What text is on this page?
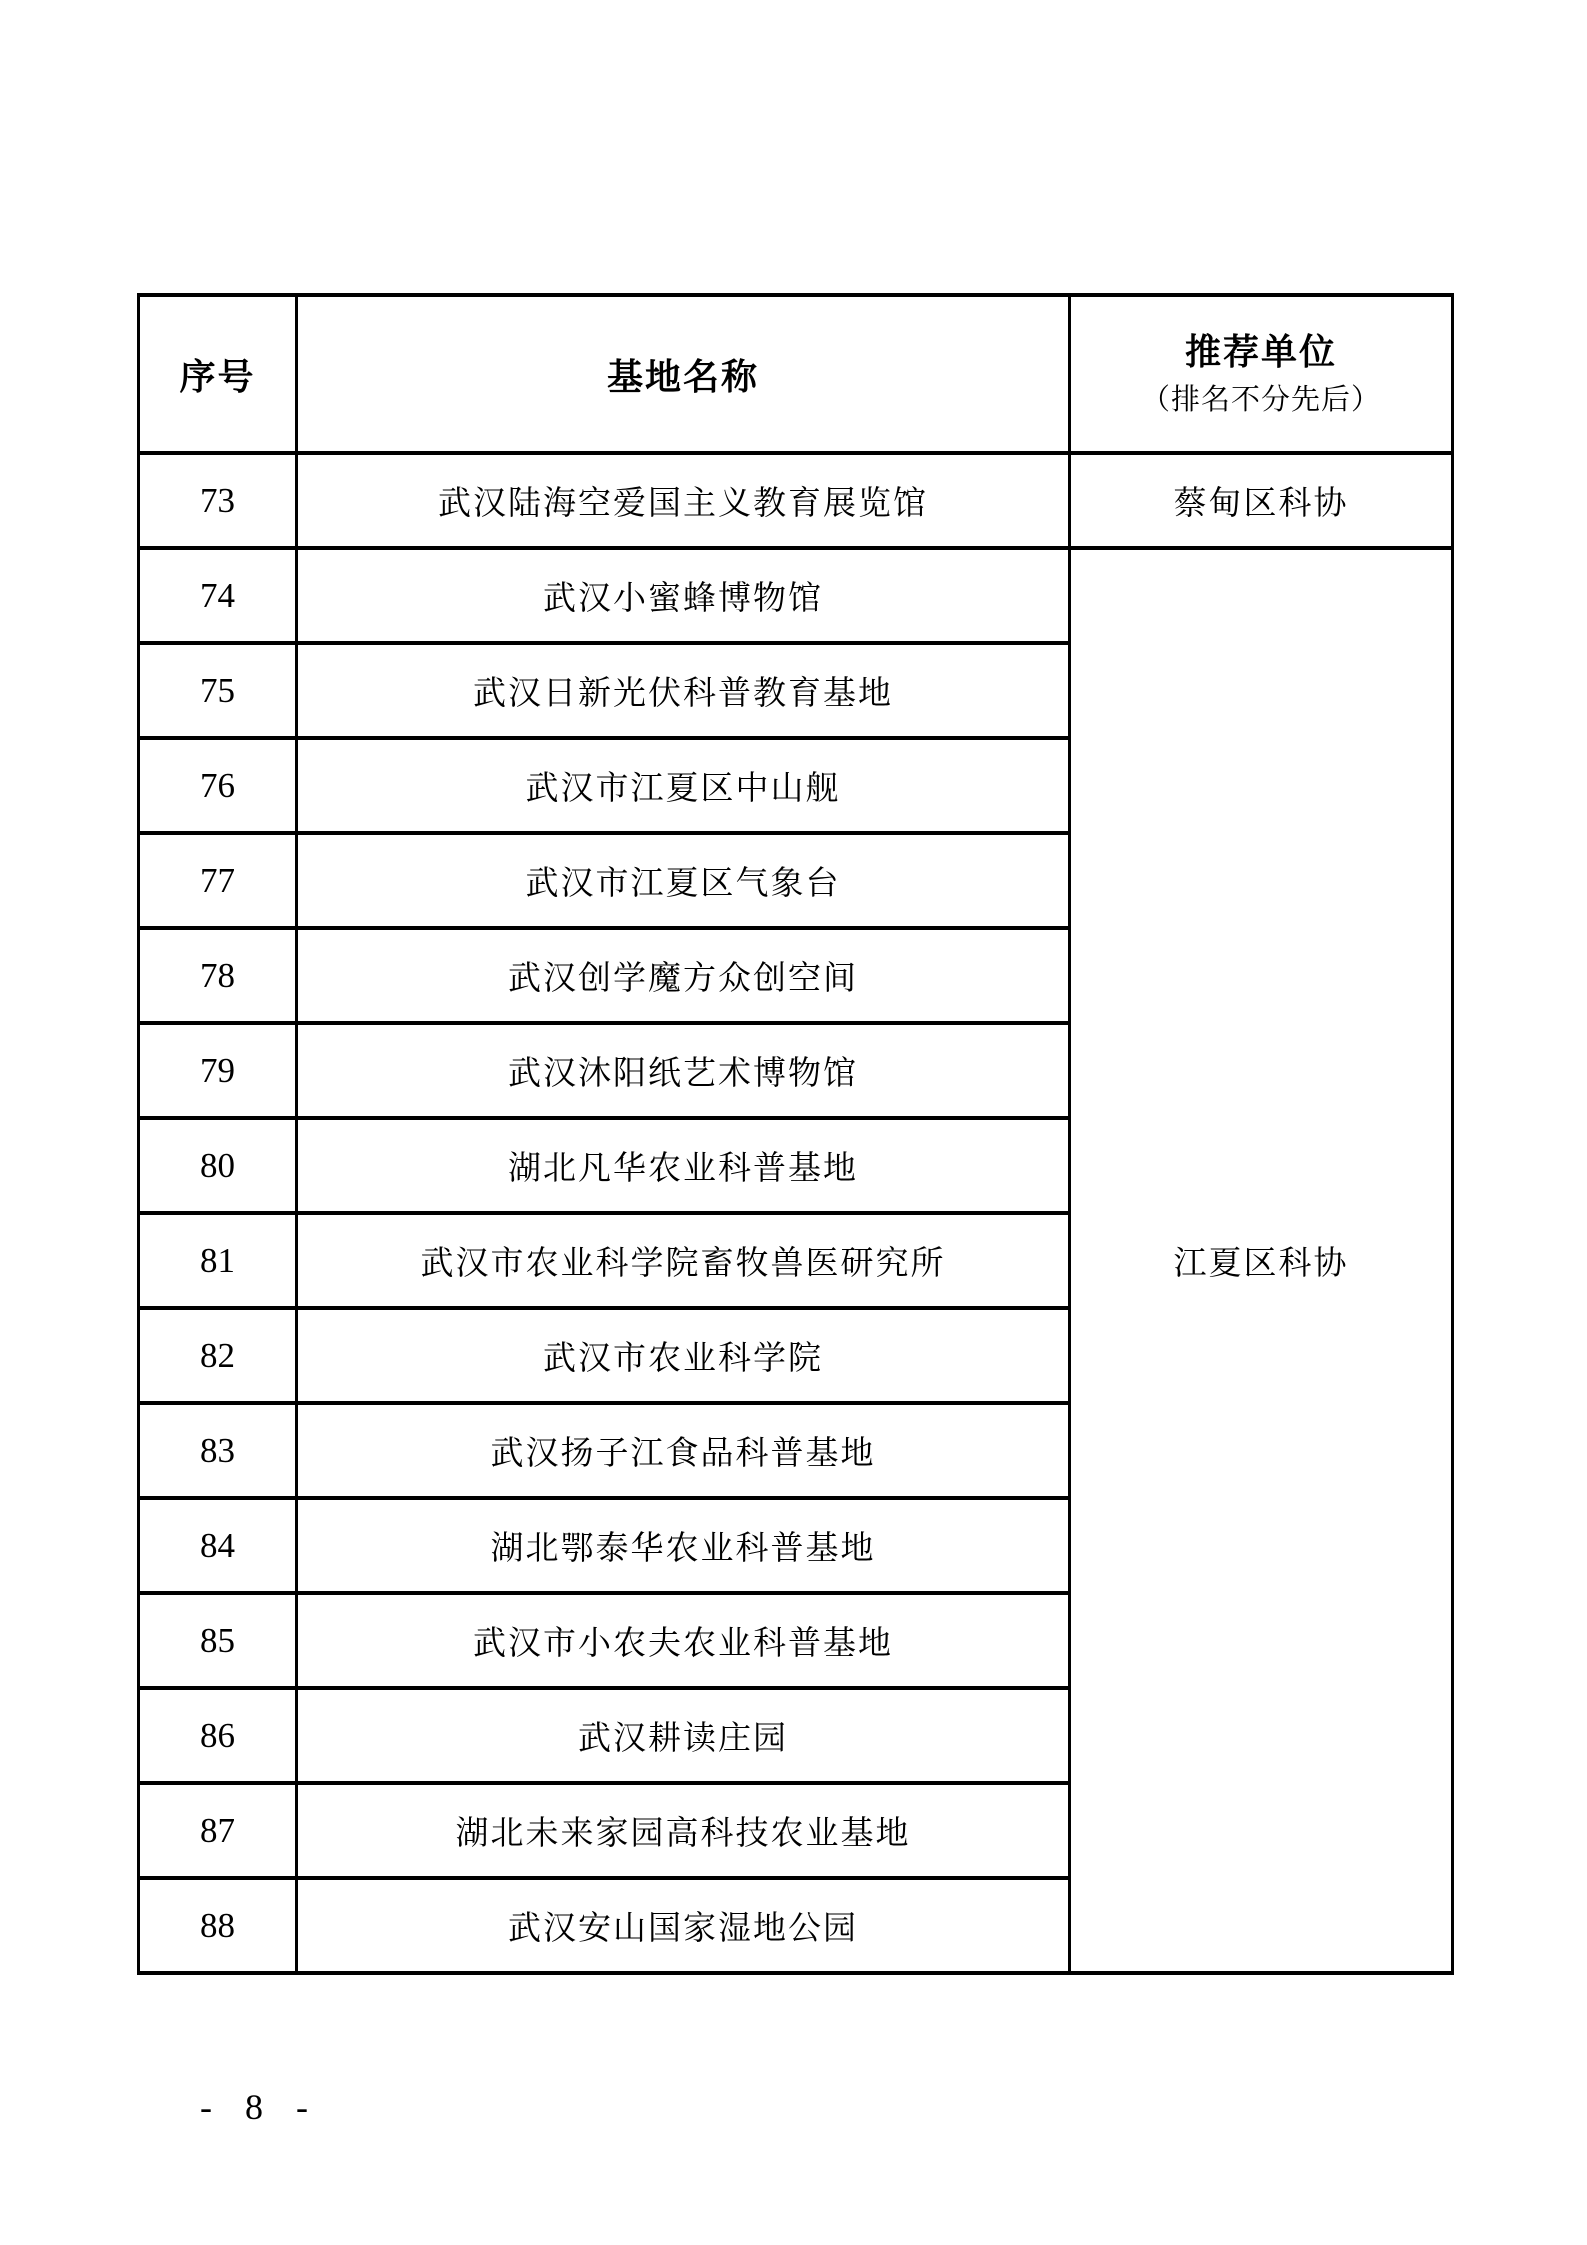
序号	基地名称	推荐单位
（排名不分先后）

73	武汉陆海空爱国主义教育展览馆	蔡甸区科协
74	武汉小蜜蜂博物馆	江夏区科协
75	武汉日新光伏科普教育基地	
76	武汉市江夏区中山舰	
77	武汉市江夏区气象台	
78	武汉创学魔方众创空间	
79	武汉沐阳纸艺术博物馆	
80	湖北凡华农业科普基地	
81	武汉市农业科学院畜牧兽医研究所	
82	武汉市农业科学院	
83	武汉扬子江食品科普基地	
84	湖北鄂泰华农业科普基地	
85	武汉市小农夫农业科普基地	
86	武汉耕读庄园	
87	湖北未来家园高科技农业基地	
88	武汉安山国家湿地公园	
- 8 -
